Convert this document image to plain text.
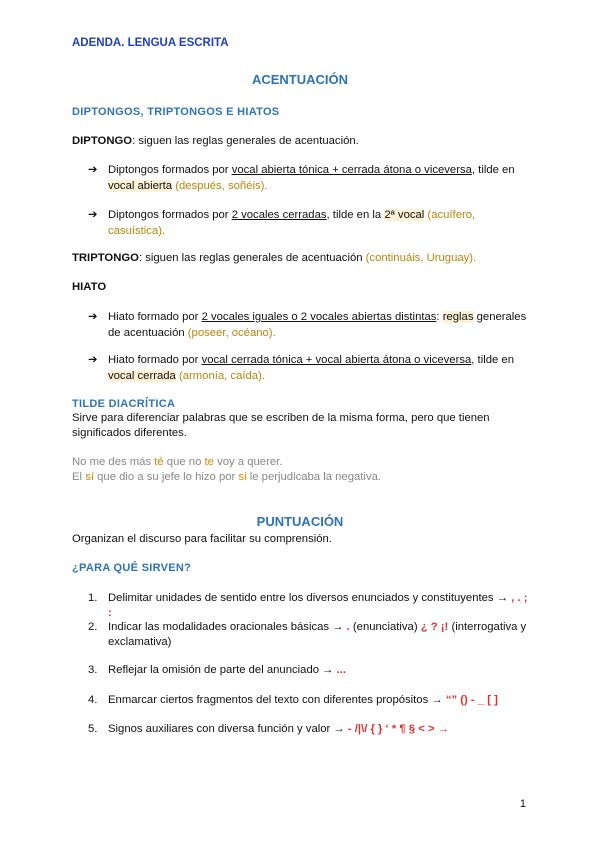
ADENDA. LENGUA ESCRITA
ACENTUACIÓN
DIPTONGOS, TRIPTONGOS E HIATOS
DIPTONGO: siguen las reglas generales de acentuación.
➔ Diptongos formados por vocal abierta tónica + cerrada átona o viceversa, tilde en vocal abierta (después, soñéis).
➔ Diptongos formados por 2 vocales cerradas, tilde en la 2ª vocal (acuífero, casuística).
TRIPTONGO: siguen las reglas generales de acentuación (continuáis, Uruguay).
HIATO
➔ Hiato formado por 2 vocales iguales o 2 vocales abiertas distintas: reglas generales de acentuación (poseer, océano).
➔ Hiato formado por vocal cerrada tónica + vocal abierta átona o viceversa, tilde en vocal cerrada (armonía, caída).
TILDE DIACRÍTICA
Sirve para diferenciar palabras que se escriben de la misma forma, pero que tienen significados diferentes.
No me des más té que no te voy a querer.
El sí que dio a su jefe lo hizo por si le perjudicaba la negativa.
PUNTUACIÓN
Organizan el discurso para facilitar su comprensión.
¿PARA QUÉ SIRVEN?
1. Delimitar unidades de sentido entre los diversos enunciados y constituyentes → , . ; :
2. Indicar las modalidades oracionales básicas → . (enunciativa) ¿ ? ¡! (interrogativa y exclamativa)
3. Reflejar la omisión de parte del anunciado → ...
4. Enmarcar ciertos fragmentos del texto con diferentes propósitos → “” () - _ [ ]
5. Signos auxiliares con diversa función y valor → - /|\/ { } ‘ * ¶ § < > →
1
